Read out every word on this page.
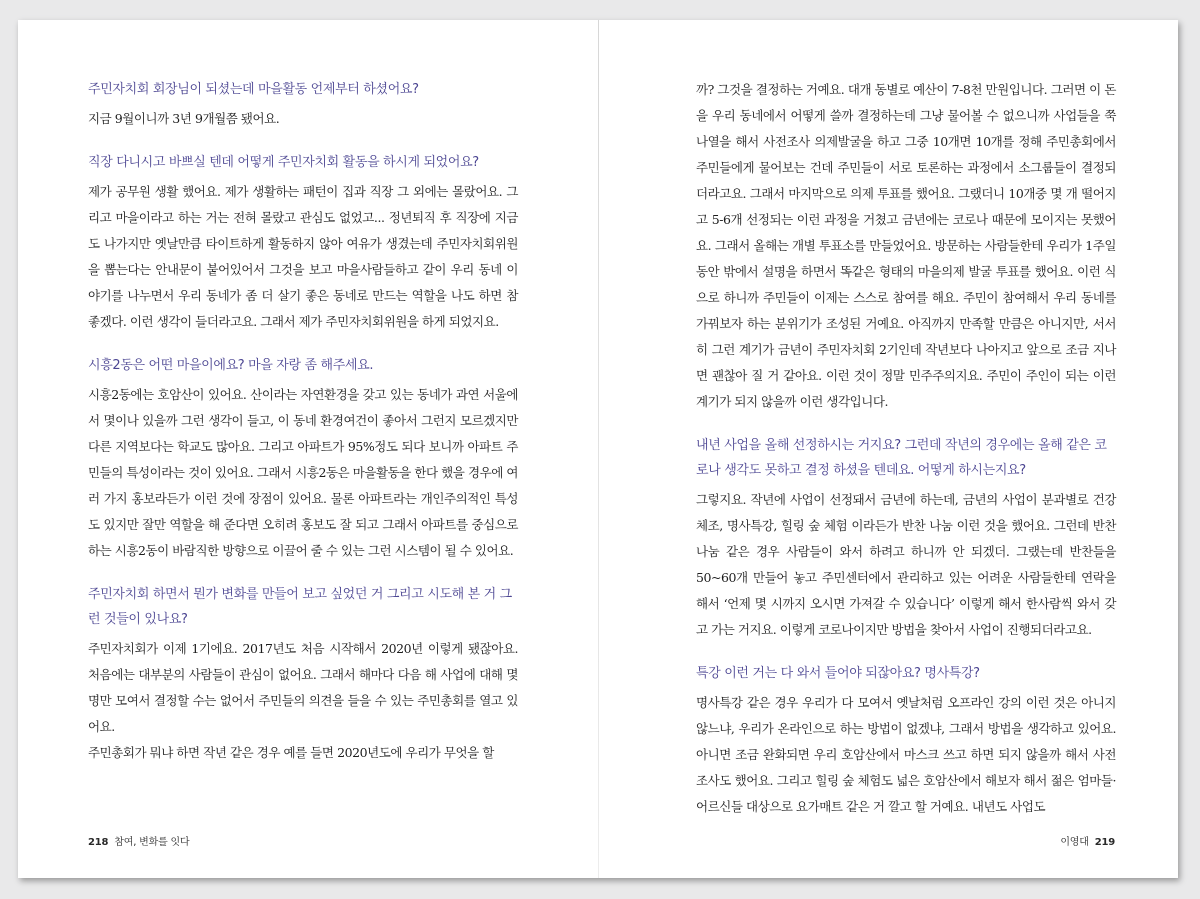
주민자치회 회장님이 되셨는데 마을활동 언제부터 하셨어요?

지금 9월이니까 3년 9개월쯤 됐어요.

직장 다니시고 바쁘실 텐데 어떻게 주민자치회 활동을 하시게 되었어요?

제가 공무원 생활 했어요. 제가 생활하는 패턴이 집과 직장 그 외에는 몰랐어요. 그리고 마을이라고 하는 거는 전혀 몰랐고 관심도 없었고... 정년퇴직 후 직장에 지금도 나가지만 옛날만큼 타이트하게 활동하지 않아 여유가 생겼는데 주민자치회위원을 뽑는다는 안내문이 붙어있어서 그것을 보고 마을사람들하고 같이 우리 동네 이야기를 나누면서 우리 동네가 좀 더 살기 좋은 동네로 만드는 역할을 나도 하면 참 좋겠다. 이런 생각이 들더라고요. 그래서 제가 주민자치회위원을 하게 되었지요.

시흥2동은 어떤 마을이에요? 마을 자랑 좀 해주세요.

시흥2동에는 호암산이 있어요. 산이라는 자연환경을 갖고 있는 동네가 과연 서울에서 몇이나 있을까 그런 생각이 들고, 이 동네 환경여건이 좋아서 그런지 모르겠지만 다른 지역보다는 학교도 많아요. 그리고 아파트가 95%정도 되다 보니까 아파트 주민들의 특성이라는 것이 있어요. 그래서 시흥2동은 마을활동을 한다 했을 경우에 여러 가지 홍보라든가 이런 것에 장점이 있어요. 물론 아파트라는 개인주의적인 특성도 있지만 잘만 역할을 해 준다면 오히려 홍보도 잘 되고 그래서 아파트를 중심으로 하는 시흥2동이 바람직한 방향으로 이끌어 줄 수 있는 그런 시스템이 될 수 있어요.

주민자치회 하면서 뭔가 변화를 만들어 보고 싶었던 거 그리고 시도해 본 거 그런 것들이 있나요?

주민자치회가 이제 1기에요. 2017년도 처음 시작해서 2020년 이렇게 됐잖아요. 처음에는 대부분의 사람들이 관심이 없어요. 그래서 해마다 다음 해 사업에 대해 몇 명만 모여서 결정할 수는 없어서 주민들의 의견을 들을 수 있는 주민총회를 열고 있어요.

주민총회가 뭐냐 하면 작년 같은 경우 예를 들면 2020년도에 우리가 무엇을 할

218 참여, 변화를 잇다

까? 그것을 결정하는 거예요. 대개 동별로 예산이 7-8천 만원입니다. 그러면 이 돈을 우리 동네에서 어떻게 쓸까 결정하는데 그냥 물어볼 수 없으니까 사업들을 쭉 나열을 해서 사전조사 의제발굴을 하고 그중 10개면 10개를 정해 주민총회에서 주민들에게 물어보는 건데 주민들이 서로 토론하는 과정에서 소그룹들이 결정되더라고요. 그래서 마지막으로 의제 투표를 했어요. 그랬더니 10개중 몇 개 떨어지고 5-6개 선정되는 이런 과정을 거쳤고 금년에는 코로나 때문에 모이지는 못했어요. 그래서 올해는 개별 투표소를 만들었어요. 방문하는 사람들한테 우리가 1주일 동안 밖에서 설명을 하면서 똑같은 형태의 마을의제 발굴 투표를 했어요. 이런 식으로 하니까 주민들이 이제는 스스로 참여를 해요. 주민이 참여해서 우리 동네를 가꿔보자 하는 분위기가 조성된 거예요. 아직까지 만족할 만큼은 아니지만, 서서히 그런 계기가 금년이 주민자치회 2기인데 작년보다 나아지고 앞으로 조금 지나면 괜찮아 질 거 같아요. 이런 것이 정말 민주주의지요. 주민이 주인이 되는 이런 계기가 되지 않을까 이런 생각입니다.

내년 사업을 올해 선정하시는 거지요? 그런데 작년의 경우에는 올해 같은 코로나 생각도 못하고 결정 하셨을 텐데요. 어떻게 하시는지요?

그렇지요. 작년에 사업이 선정돼서 금년에 하는데, 금년의 사업이 분과별로 건강체조, 명사특강, 힐링 숲 체험 이라든가 반찬 나눔 이런 것을 했어요. 그런데 반찬 나눔 같은 경우 사람들이 와서 하려고 하니까 안 되겠더. 그랬는데 반찬들을 50~60개 만들어 놓고 주민센터에서 관리하고 있는 어려운 사람들한테 연락을 해서 ‘언제 몇 시까지 오시면 가져갈 수 있습니다’ 이렇게 해서 한사람씩 와서 갖고 가는 거지요. 이렇게 코로나이지만 방법을 찾아서 사업이 진행되더라고요.

특강 이런 거는 다 와서 들어야 되잖아요? 명사특강?

명사특강 같은 경우 우리가 다 모여서 옛날처럼 오프라인 강의 이런 것은 아니지 않느냐, 우리가 온라인으로 하는 방법이 없겠냐, 그래서 방법을 생각하고 있어요. 아니면 조금 완화되면 우리 호암산에서 마스크 쓰고 하면 되지 않을까 해서 사전조사도 했어요. 그리고 힐링 숲 체험도 넓은 호암산에서 해보자 해서 젊은 엄마들·어르신들 대상으로 요가매트 같은 거 깔고 할 거예요. 내년도 사업도

이영대 219
